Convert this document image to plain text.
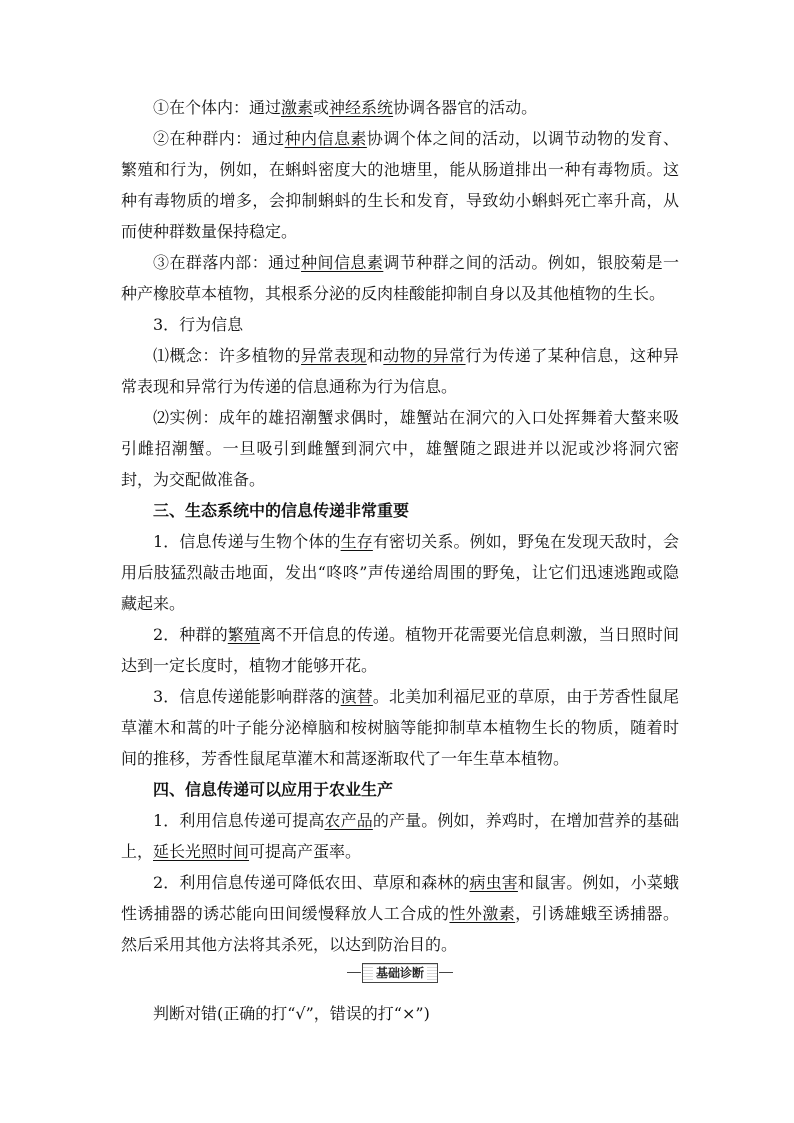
①在个体内：通过激素或神经系统协调各器官的活动。

②在种群内：通过种内信息素协调个体之间的活动，以调节动物的发育、繁殖和行为，例如，在蝌蚪密度大的池塘里，能从肠道排出一种有毒物质。这种有毒物质的增多，会抑制蝌蚪的生长和发育，导致幼小蝌蚪死亡率升高，从而使种群数量保持稳定。

③在群落内部：通过种间信息素调节种群之间的活动。例如，银胶菊是一种产橡胶草本植物，其根系分泌的反肉桂酸能抑制自身以及其他植物的生长。

3．行为信息

⑴概念：许多植物的异常表现和动物的异常行为传递了某种信息，这种异常表现和异常行为传递的信息通称为行为信息。

⑵实例：成年的雄招潮蟹求偶时，雄蟹站在洞穴的入口处挥舞着大螯来吸引雌招潮蟹。一旦吸引到雌蟹到洞穴中，雄蟹随之跟进并以泥或沙将洞穴密封，为交配做准备。

三、生态系统中的信息传递非常重要

1．信息传递与生物个体的生存有密切关系。例如，野兔在发现天敌时，会用后肢猛烈敲击地面，发出“咚咚”声传递给周围的野兔，让它们迅速逃跑或隐藏起来。

2．种群的繁殖离不开信息的传递。植物开花需要光信息刺激，当日照时间达到一定长度时，植物才能够开花。

3．信息传递能影响群落的演替。北美加利福尼亚的草原，由于芳香性鼠尾草灌木和蒿的叶子能分泌樟脑和桉树脑等能抑制草本植物生长的物质，随着时间的推移，芳香性鼠尾草灌木和蒿逐渐取代了一年生草本植物。

四、信息传递可以应用于农业生产

1．利用信息传递可提高农产品的产量。例如，养鸡时，在增加营养的基础上，延长光照时间可提高产蛋率。

2．利用信息传递可降低农田、草原和森林的病虫害和鼠害。例如，小菜蛾性诱捕器的诱芯能向田间缓慢释放人工合成的性外激素，引诱雄蛾至诱捕器。然后采用其他方法将其杀死，以达到防治目的。

基础诊断

判断对错(正确的打“√”，错误的打“×”)
